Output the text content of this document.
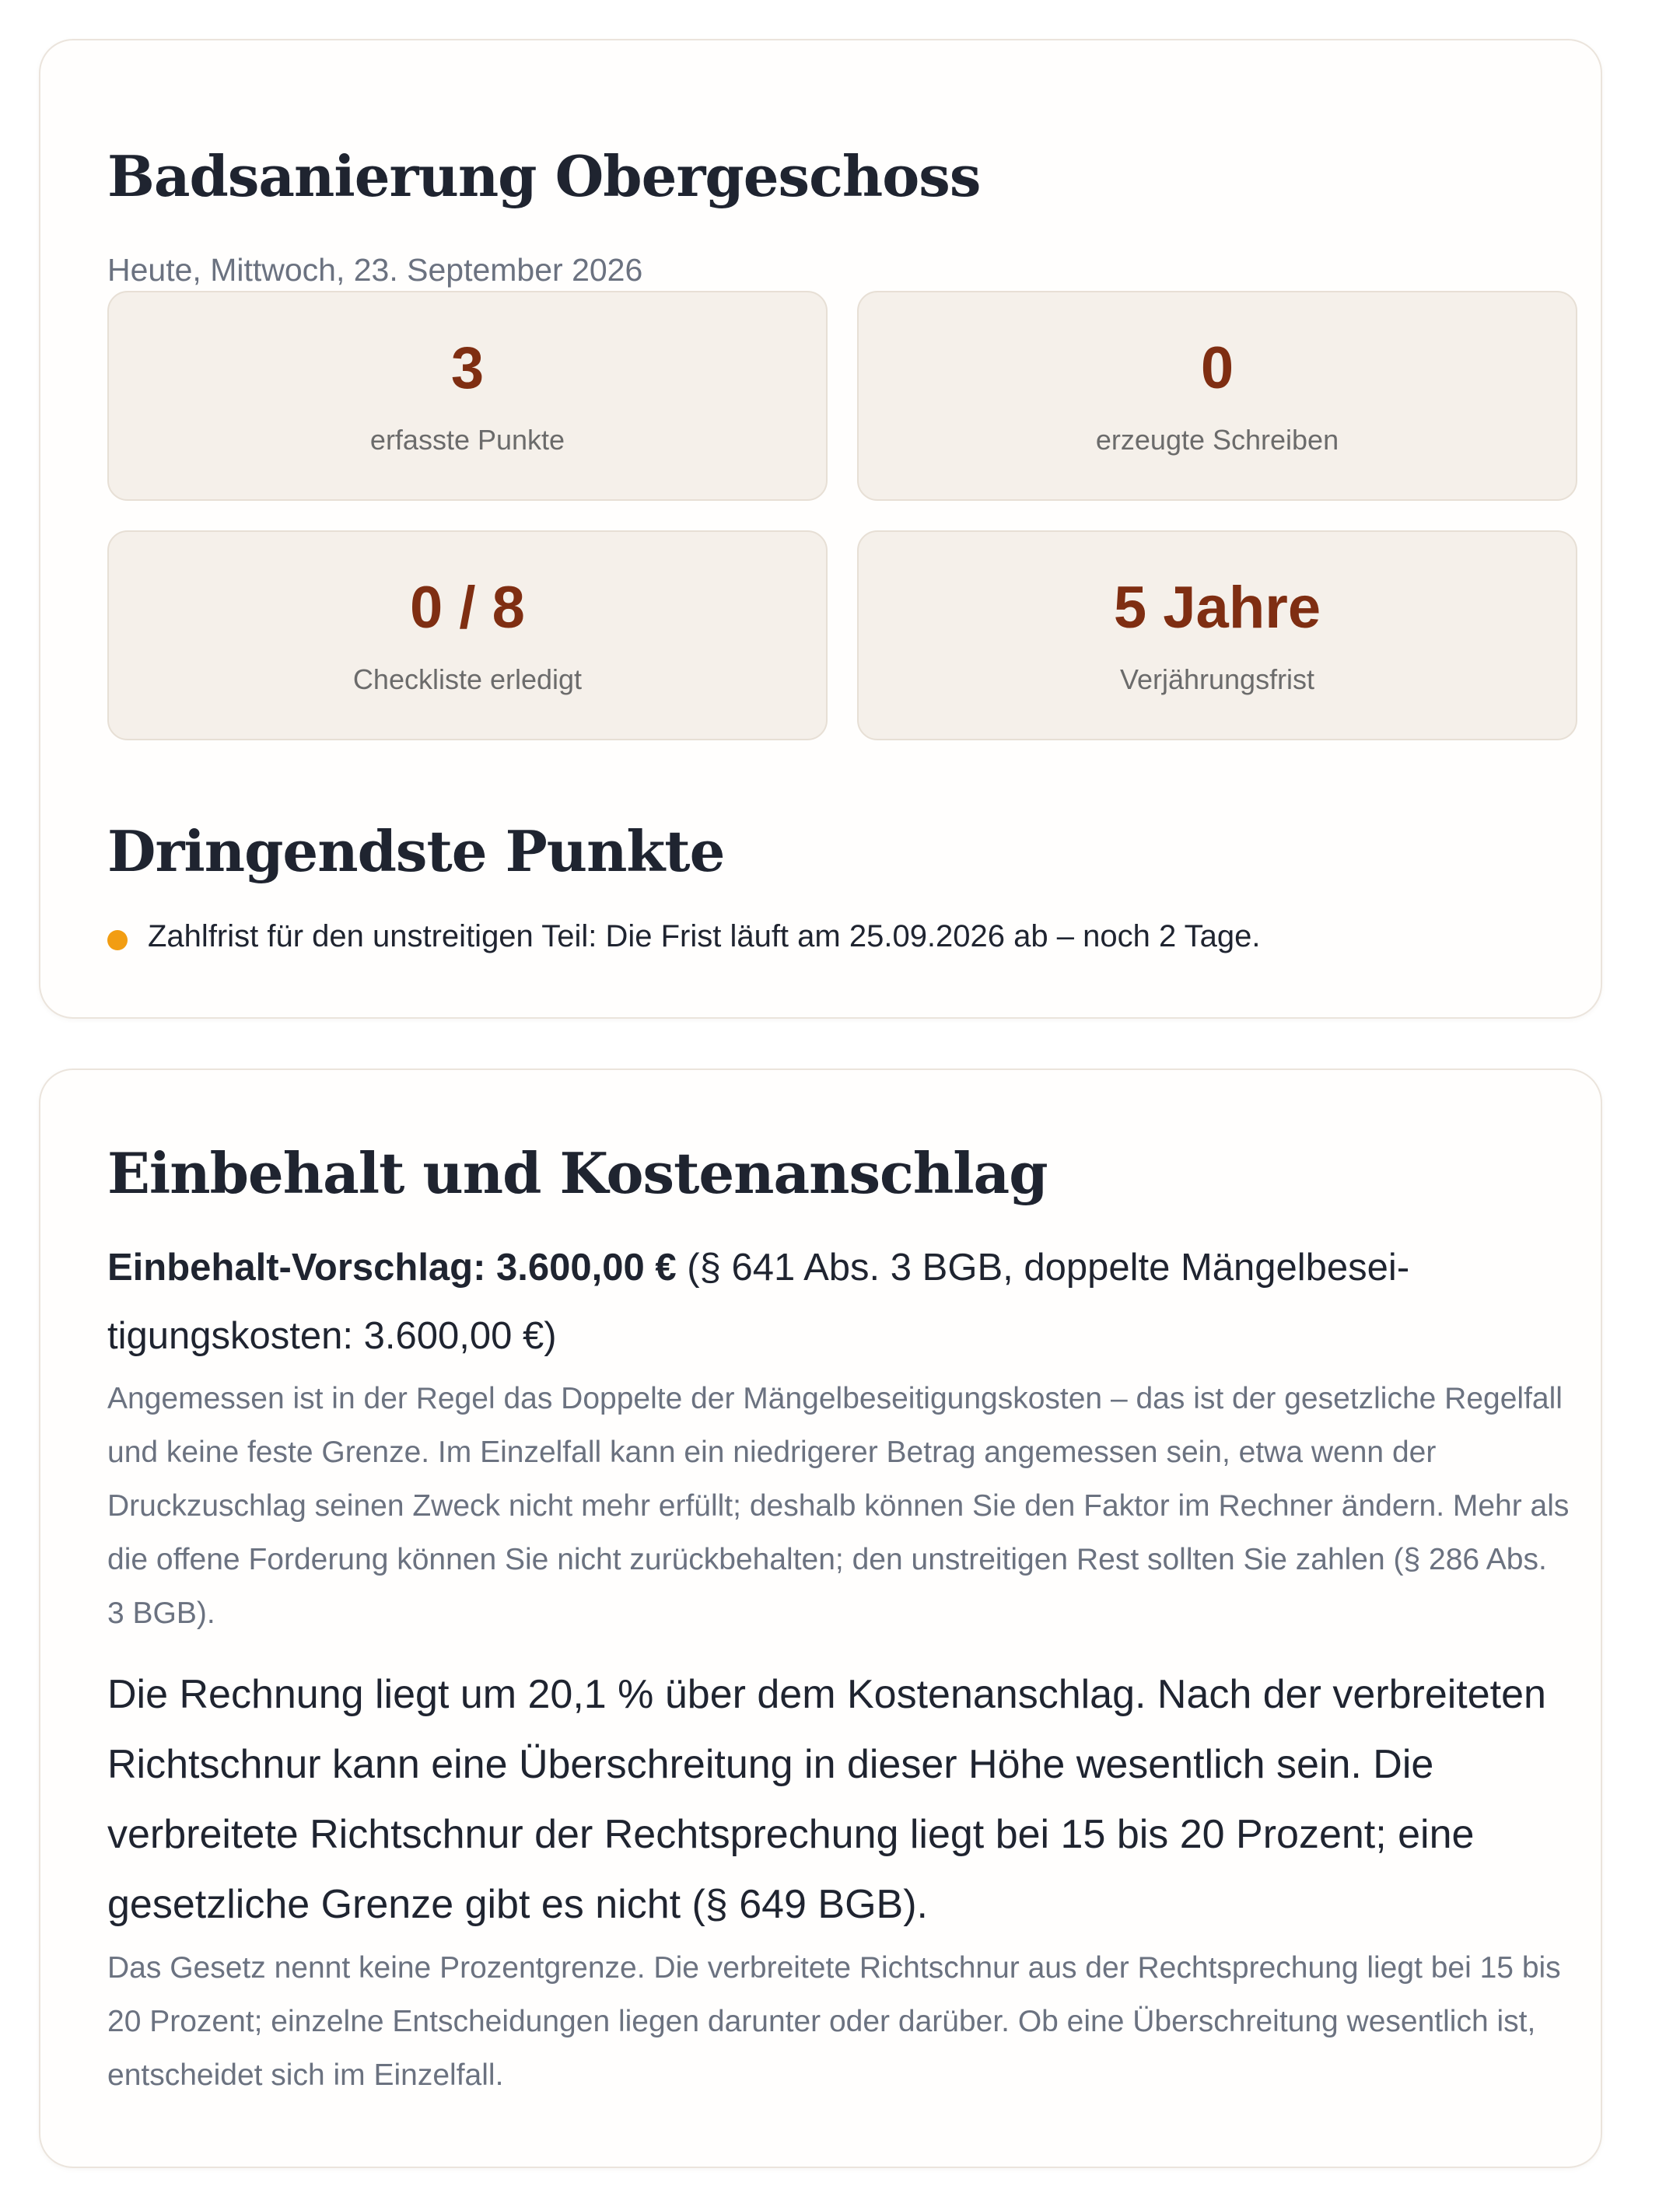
Badsanierung Obergeschoss
Heute, Mittwoch, 23. September 2026
3
erfasste Punkte
0
erzeugte Schreiben
0 / 8
Checkliste erledigt
5 Jahre
Verjährungsfrist
Dringendste Punkte
Zahlfrist für den unstreitigen Teil: Die Frist läuft am 25.09.2026 ab – noch 2 Tage.
Einbehalt und Kostenanschlag

Einbehalt-Vorschlag: 3.600,00 € (§ 641 Abs. 3 BGB, doppelte Mängelbeseitigungskosten: 3.600,00 €)

Angemessen ist in der Regel das Doppelte der Mängelbeseitigungskosten – das ist der gesetzliche Regelfall und keine feste Grenze. Im Einzelfall kann ein niedrigerer Betrag angemessen sein, etwa wenn der Druckzuschlag seinen Zweck nicht mehr erfüllt; deshalb können Sie den Faktor im Rechner ändern. Mehr als die offene Forderung können Sie nicht zurückbehalten; den unstreitigen Rest sollten Sie zahlen (§ 286 Abs. 3 BGB).

Die Rechnung liegt um 20,1 % über dem Kostenanschlag. Nach der verbreiteten Richtschnur kann eine Überschreitung in dieser Höhe wesentlich sein. Die verbreitete Richtschnur der Rechtsprechung liegt bei 15 bis 20 Prozent; eine gesetzliche Grenze gibt es nicht (§ 649 BGB).

Das Gesetz nennt keine Prozentgrenze. Die verbreitete Richtschnur aus der Rechtsprechung liegt bei 15 bis 20 Prozent; einzelne Entscheidungen liegen darunter oder darüber. Ob eine Überschreitung wesentlich ist, entscheidet sich im Einzelfall.
